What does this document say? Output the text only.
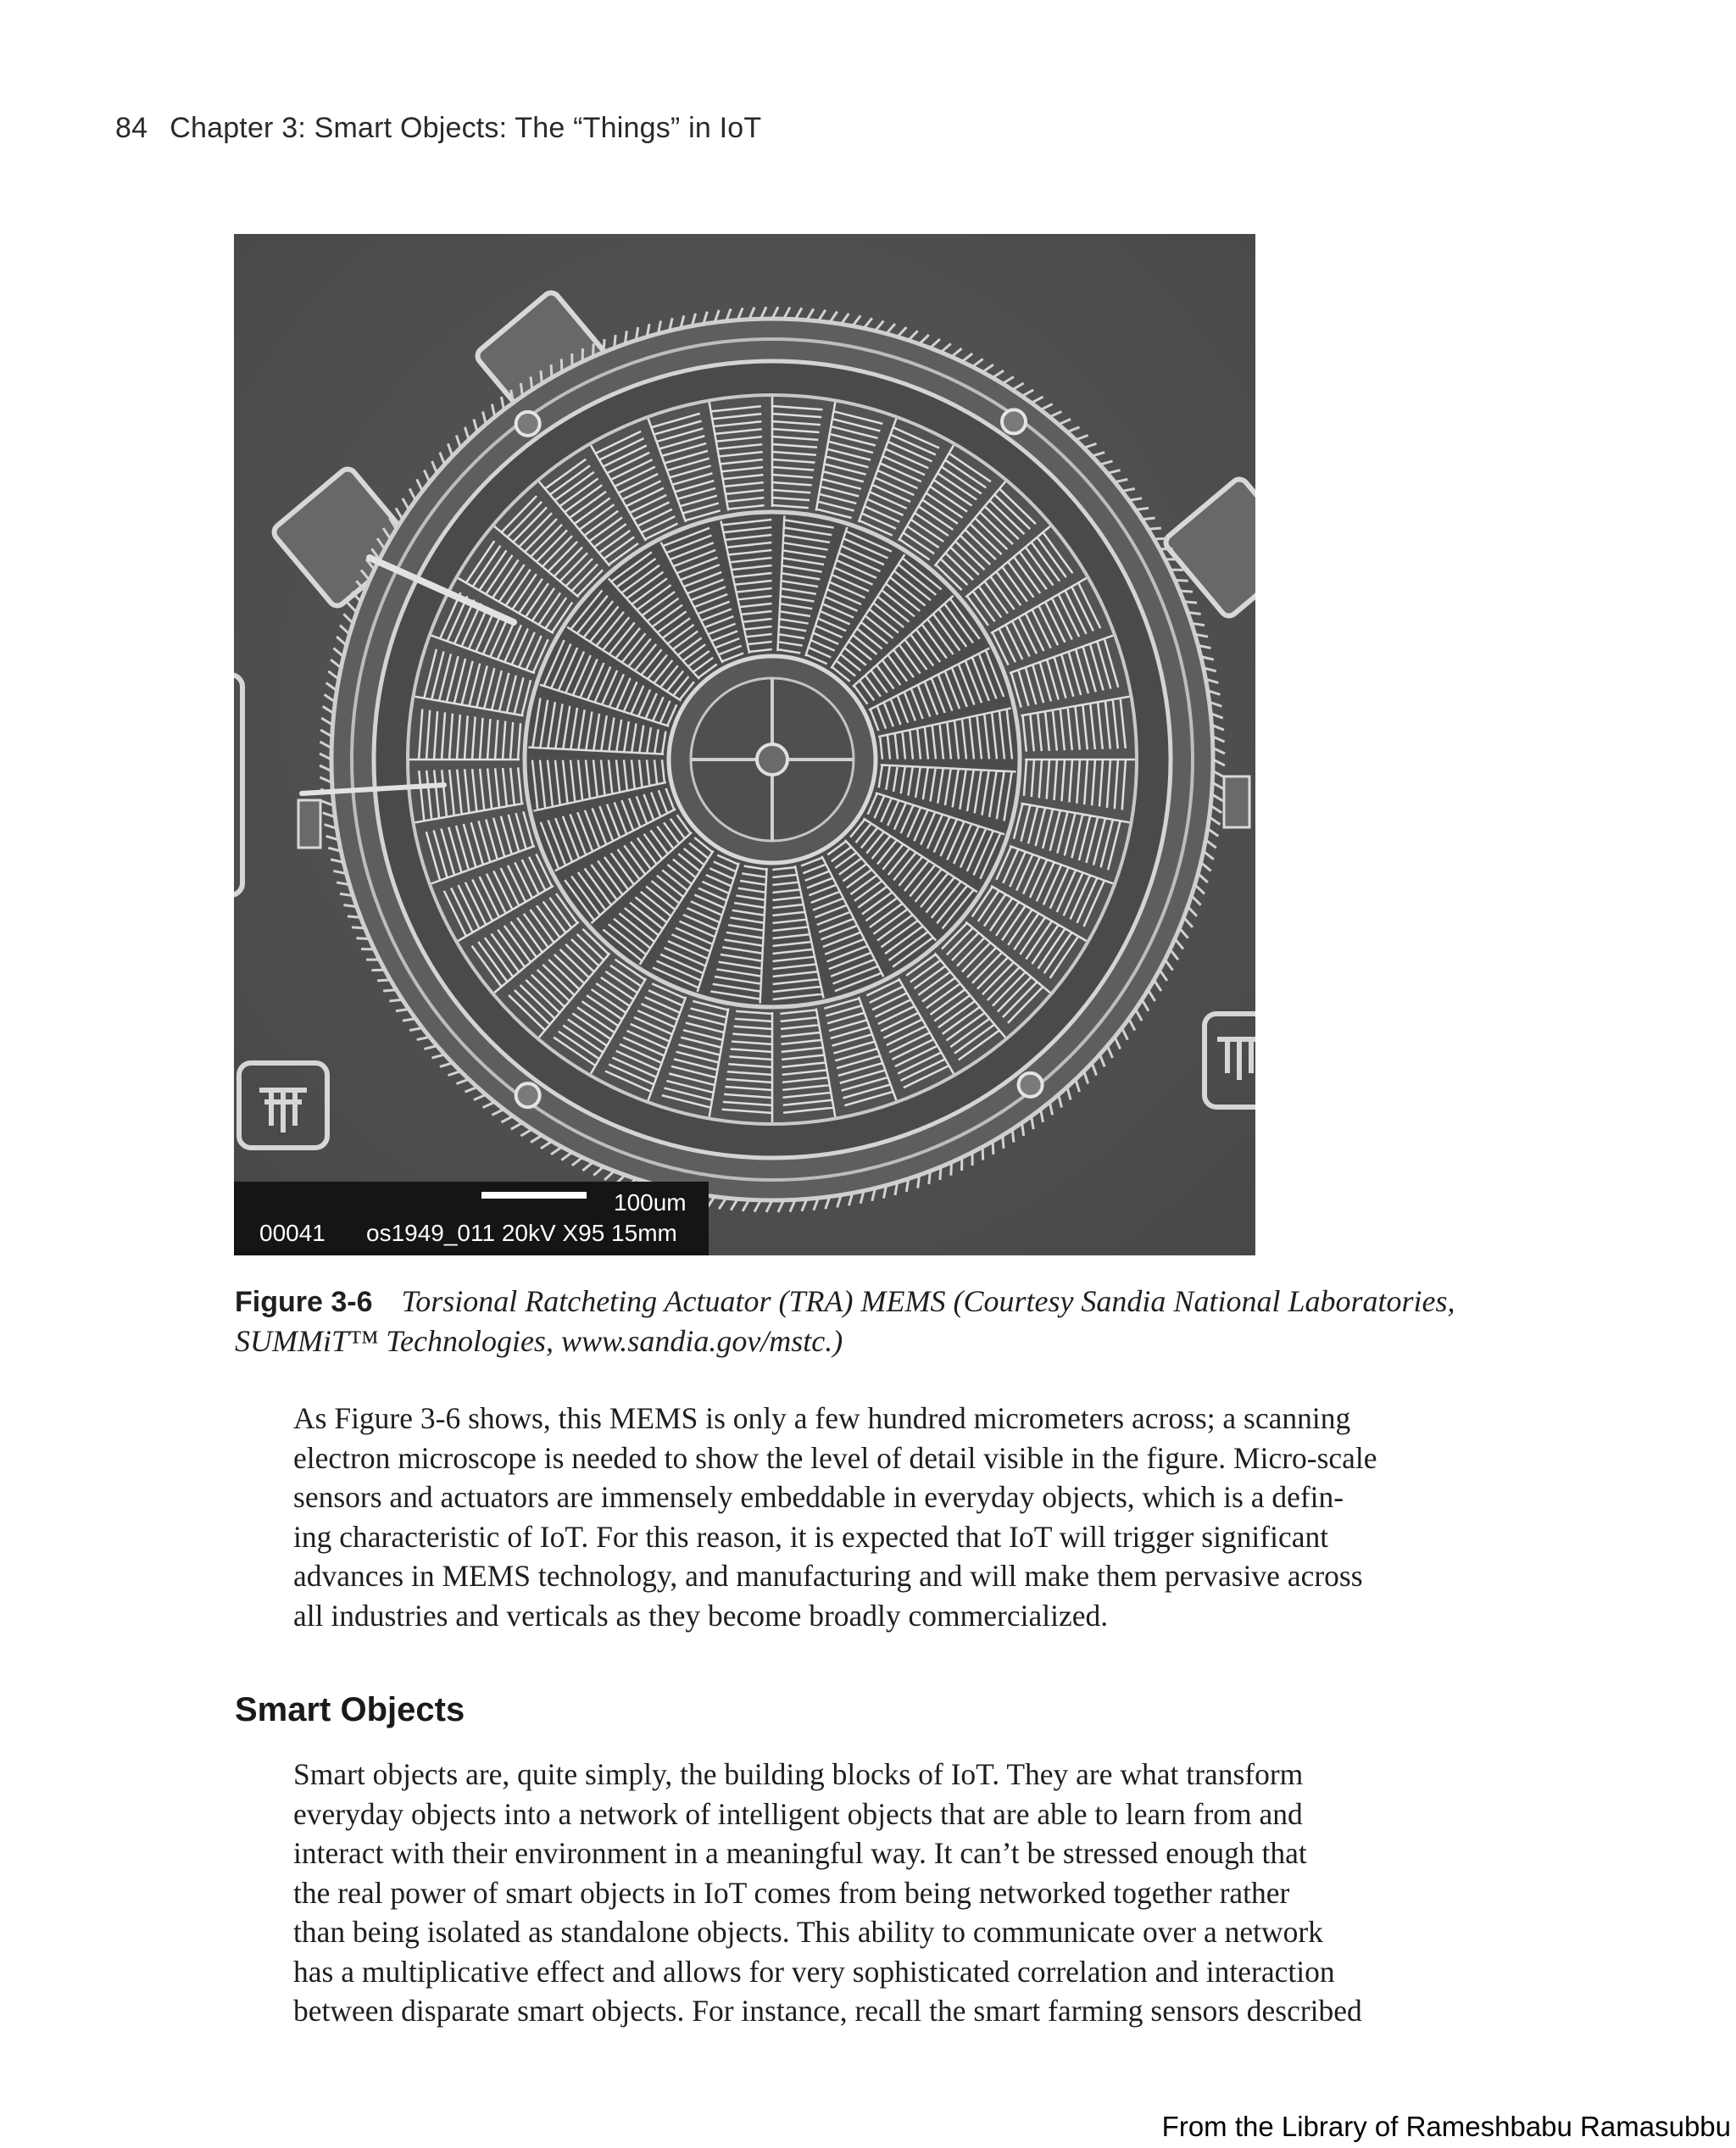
84 Chapter 3: Smart Objects: The “Things” in IoT
100um
00041 os1949_011 20kV X95 15mm
Figure 3-6 Torsional Ratcheting Actuator (TRA) MEMS (Courtesy Sandia National Laboratories, SUMMiT™ Technologies, www.sandia.gov/mstc.)
As Figure 3-6 shows, this MEMS is only a few hundred micrometers across; a scanning
electron microscope is needed to show the level of detail visible in the figure. Micro-scale
sensors and actuators are immensely embeddable in everyday objects, which is a defin-
ing characteristic of IoT. For this reason, it is expected that IoT will trigger significant
advances in MEMS technology, and manufacturing and will make them pervasive across
all industries and verticals as they become broadly commercialized.
Smart Objects
Smart objects are, quite simply, the building blocks of IoT. They are what transform
everyday objects into a network of intelligent objects that are able to learn from and
interact with their environment in a meaningful way. It can’t be stressed enough that
the real power of smart objects in IoT comes from being networked together rather
than being isolated as standalone objects. This ability to communicate over a network
has a multiplicative effect and allows for very sophisticated correlation and interaction
between disparate smart objects. For instance, recall the smart farming sensors described
From the Library of Rameshbabu Ramasubbu
